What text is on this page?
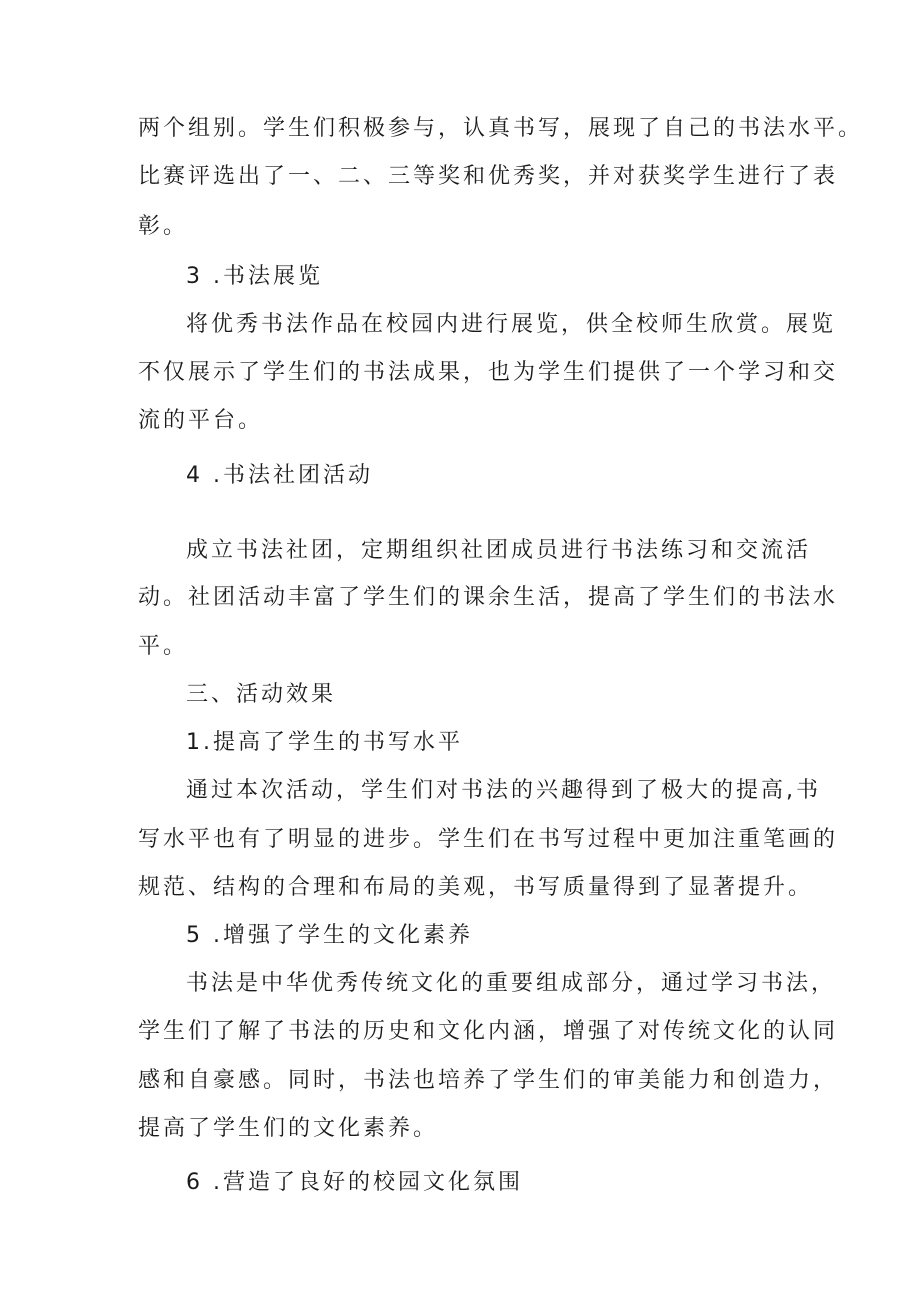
两个组别。学生们积极参与，认真书写，展现了自己的书法水平。
比赛评选出了一、二、三等奖和优秀奖，并对获奖学生进行了表
彰。
3 .书法展览
将优秀书法作品在校园内进行展览，供全校师生欣赏。展览
不仅展示了学生们的书法成果，也为学生们提供了一个学习和交
流的平台。
4 .书法社团活动
成立书法社团，定期组织社团成员进行书法练习和交流活
动。社团活动丰富了学生们的课余生活，提高了学生们的书法水
平。
三、活动效果
1.提高了学生的书写水平
通过本次活动，学生们对书法的兴趣得到了极大的提高,书
写水平也有了明显的进步。学生们在书写过程中更加注重笔画的
规范、结构的合理和布局的美观，书写质量得到了显著提升。
5 .增强了学生的文化素养
书法是中华优秀传统文化的重要组成部分，通过学习书法，
学生们了解了书法的历史和文化内涵，增强了对传统文化的认同
感和自豪感。同时，书法也培养了学生们的审美能力和创造力，
提高了学生们的文化素养。
6 .营造了良好的校园文化氛围
